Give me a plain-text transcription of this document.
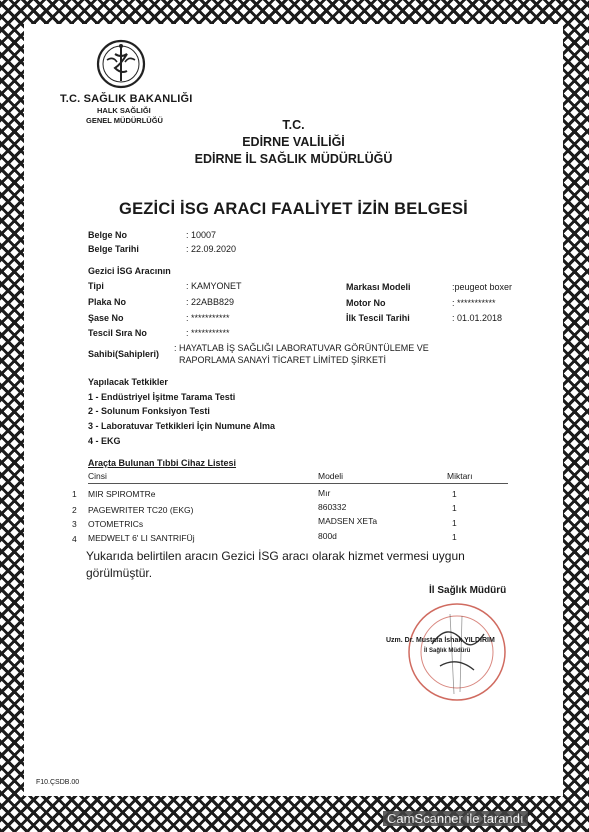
T.C. SAĞLIK BAKANLIĞI
HALK SAĞLIĞI
GENEL MÜDÜRLÜĞÜ	T.C.
EDİRNE VALİLİĞİ
EDİRNE İL SAĞLIK MÜDÜRLÜĞÜ
GEZİCİ İSG ARACI FAALİYET İZİN BELGESİ
Belge No	: 10007
Belge Tarihi	: 22.09.2020
Gezici İSG Aracının
Tipi	: KAMYONET
Plaka No	: 22ABB829
Şase No	: ***********
Tescil Sıra No	: ***********
Markası Modeli	:peugeot boxer
Motor No	: ***********
İlk Tescil Tarihi	: 01.01.2018
Sahibi(Sahipleri)
: HAYATLAB İŞ SAĞLIĞI LABORATUVAR GÖRÜNTÜLEME VE
RAPORLAMA SANAYİ TİCARET LİMİTED ŞİRKETİ
Yapılacak Tetkikler
1 - Endüstriyel İşitme Tarama Testi
2 - Solunum Fonksiyon Testi
3 - Laboratuvar Tetkikleri İçin Numune Alma
4 - EKG
Araçta Bulunan Tıbbi Cihaz Listesi
Cinsi	Modeli	Miktarı
1 MIR SPIROMTRe	Mır	1
2 PAGEWRITER TC20 (EKG)	860332	1
3 OTOMETRICs	MADSEN XETa	1
4 MEDWELT 6' LI SANTRIFÜj	800d	1
Yukarıda belirtilen aracın Gezici İSG aracı olarak hizmet vermesi uygun
görülmüştür.
İl Sağlık Müdürü
Uzm. Dr. Mustafa İshak YILDIRIM
İl Sağlık Müdürü
F10.ÇSDB.00
CamScanner ile tarandı
